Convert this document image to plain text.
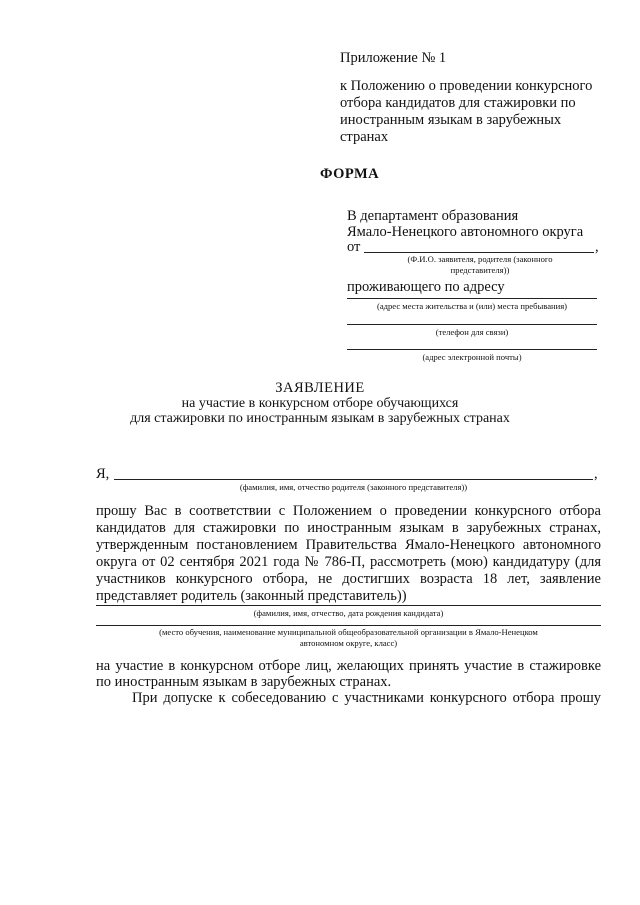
Приложение № 1
к Положению о проведении конкурсного
отбора кандидатов для стажировки по
иностранным языкам в зарубежных
странах
ФОРМА
В департамент образования
Ямало-Ненецкого автономного округа
от	,
(Ф.И.О. заявителя, родителя (законного
представителя))
проживающего по адресу
(адрес места жительства и (или) места пребывания)
(телефон для связи)
(адрес электронной почты)
ЗАЯВЛЕНИЕ
на участие в конкурсном отборе обучающихся
для стажировки по иностранным языкам в зарубежных странах
Я,	,
(фамилия, имя, отчество родителя (законного представителя))
прошу Вас в соответствии с Положением о проведении конкурсного отбора
кандидатов для стажировки по иностранным языкам в зарубежных странах,
утвержденным постановлением Правительства Ямало-Ненецкого автономного
округа от 02 сентября 2021 года № 786-П, рассмотреть (мою) кандидатуру (для
участников конкурсного отбора, не достигших возраста 18 лет, заявление
представляет родитель (законный представитель))
(фамилия, имя, отчество, дата рождения кандидата)
(место обучения, наименование муниципальной общеобразовательной организации в Ямало-Ненецком
автономном округе, класс)
на участие в конкурсном отборе лиц, желающих принять участие в стажировке
по иностранным языкам в зарубежных странах.
При допуске к собеседованию с участниками конкурсного отбора прошу
